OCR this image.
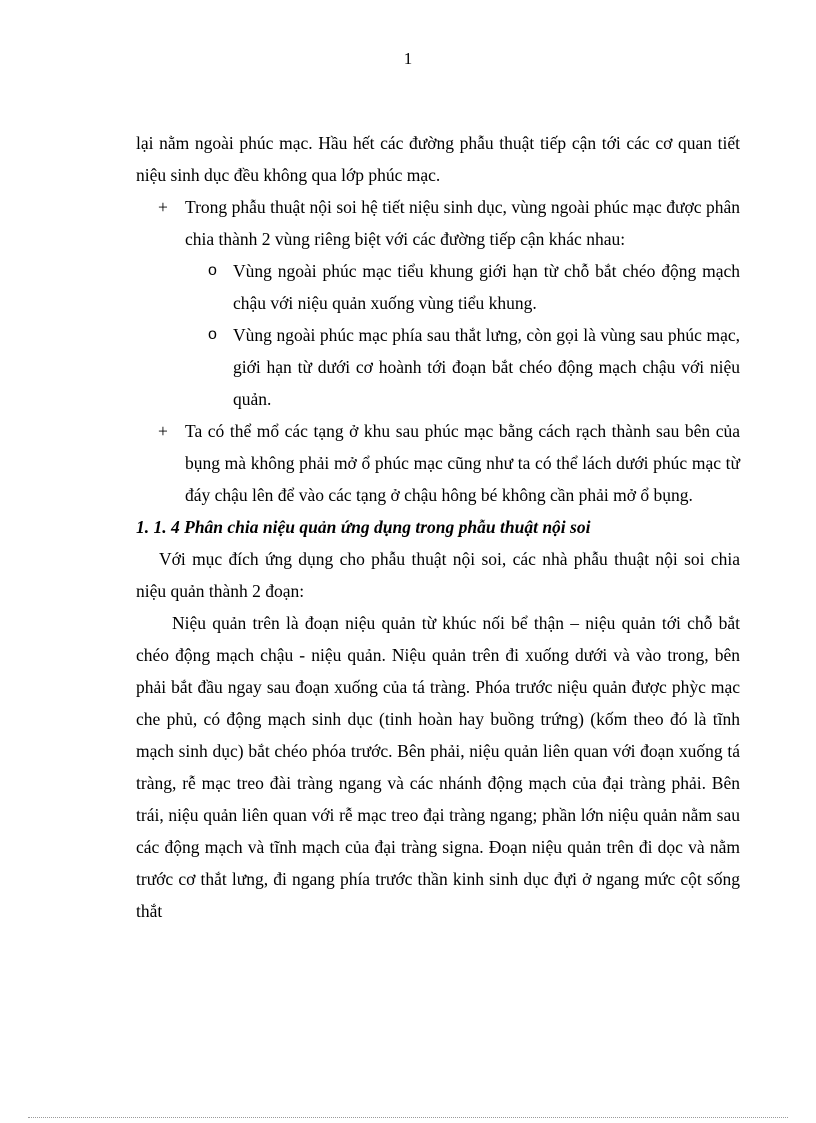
1

lại nằm ngoài phúc mạc. Hầu hết các đường phẫu thuật tiếp cận tới các cơ quan tiết niệu sinh dục đều không qua lớp phúc mạc.

+ Trong phẫu thuật nội soi hệ tiết niệu sinh dục, vùng ngoài phúc mạc được phân chia thành 2 vùng riêng biệt với các đường tiếp cận khác nhau:
o Vùng ngoài phúc mạc tiểu khung giới hạn từ chỗ bắt chéo động mạch chậu với niệu quản xuống vùng tiểu khung.
o Vùng ngoài phúc mạc phía sau thắt lưng, còn gọi là vùng sau phúc mạc, giới hạn từ dưới cơ hoành tới đoạn bắt chéo động mạch chậu với niệu quản.
+ Ta có thể mổ các tạng ở khu sau phúc mạc bằng cách rạch thành sau bên của bụng mà không phải mở ổ phúc mạc cũng như ta có thể lách dưới phúc mạc từ đáy chậu lên để vào các tạng ở chậu hông bé không cần phải mở ổ bụng.

1. 1. 4 Phân chia niệu quản ứng dụng trong phẫu thuật nội soi

Với mục đích ứng dụng cho phẫu thuật nội soi, các nhà phẫu thuật nội soi chia niệu quản thành 2 đoạn:

Niệu quản trên là đoạn niệu quản từ khúc nối bể thận – niệu quản tới chỗ bắt chéo động mạch chậu - niệu quản. Niệu quản trên đi xuống dưới và vào trong, bên phải bắt đầu ngay sau đoạn xuống của tá tràng. Phóa trước niệu quản được phỳc mạc che phủ, có động mạch sinh dục (tinh hoàn hay buồng trứng) (kốm theo đó là tĩnh mạch sinh dục) bắt chéo phóa trước. Bên phải, niệu quản liên quan với đoạn xuống tá tràng, rễ mạc treo đài tràng ngang và các nhánh động mạch của đại tràng phải. Bên trái, niệu quản liên quan với rễ mạc treo đại tràng ngang; phần lớn niệu quản nằm sau các động mạch và tĩnh mạch của đại tràng signa. Đoạn niệu quản trên đi dọc và nằm trước cơ thắt lưng, đi ngang phía trước thần kinh sinh dục đựi ở ngang mức cột sống thắt
